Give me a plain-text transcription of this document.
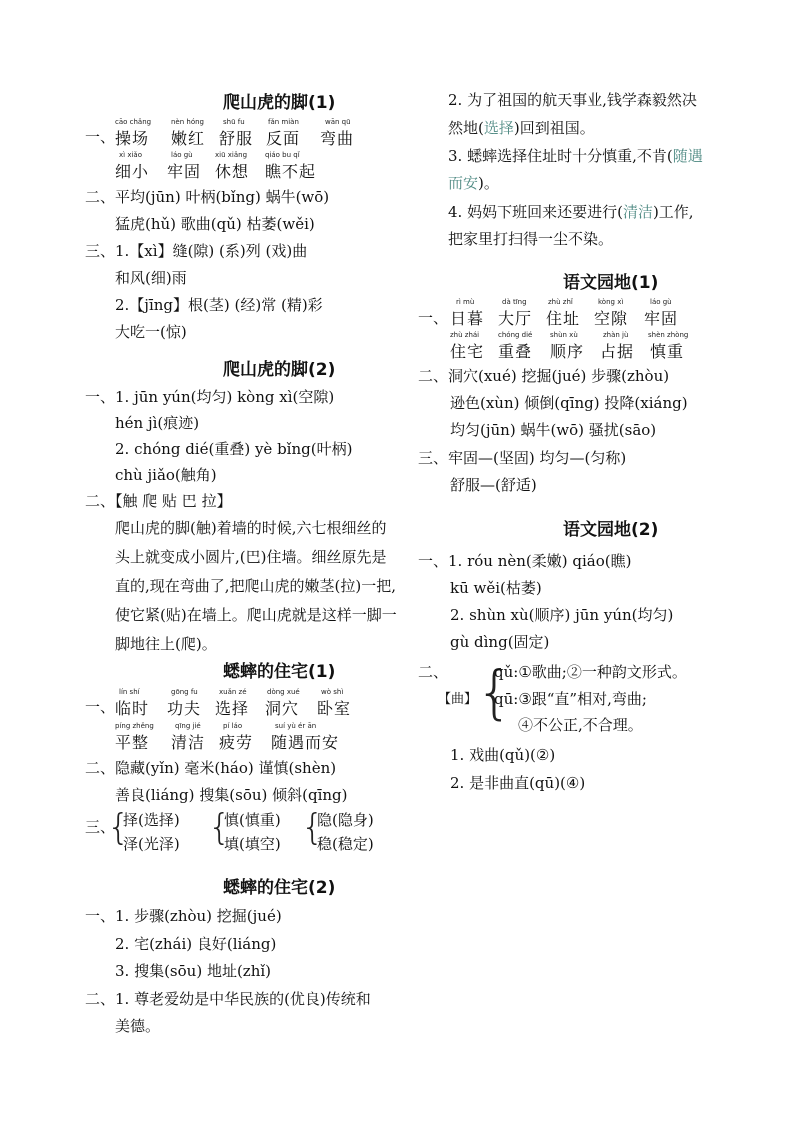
爬山虎的脚(1)
一、
cāo chǎng
操场
nèn hóng
嫩红
shū fu
舒服
fǎn miàn
反面
wān qū
弯曲
xì xiǎo
细小
láo gù
牢固
xiū xiǎng
休想
qiáo bu qǐ
瞧不起
二、平均(jūn) 叶柄(bǐng) 蜗牛(wō)
猛虎(hǔ) 歌曲(qǔ) 枯萎(wěi)
三、1.【xì】缝(隙) (系)列 (戏)曲
和风(细)雨
2.【jīng】根(茎) (经)常 (精)彩
大吃一(惊)
爬山虎的脚(2)
一、1. jūn yún(均匀) kòng xì(空隙)
hén jì(痕迹)
2. chóng dié(重叠) yè bǐng(叶柄)
chù jiǎo(触角)
二、【触 爬 贴 巴 拉】
爬山虎的脚(触)着墙的时候,六七根细丝的头上就变成小圆片,(巴)住墙。细丝原先是直的,现在弯曲了,把爬山虎的嫩茎(拉)一把,使它紧(贴)在墙上。爬山虎就是这样一脚一脚地往上(爬)。
蟋蟀的住宅(1)
一、
lín shí
临时
gōng fu
功夫
xuǎn zé
选择
dòng xué
洞穴
wò shì
卧室
píng zhěng
平整
qīng jié
清洁
pí láo
疲劳
suí yù ér ān
随遇而安
二、隐藏(yǐn) 毫米(háo) 谨慎(shèn)
善良(liáng) 搜集(sōu) 倾斜(qīng)
三、
{
择(选择)
泽(光泽) {
慎(慎重)
填(填空) {
隐(隐身)
稳(稳定)
蟋蟀的住宅(2)
一、1. 步骤(zhòu) 挖掘(jué)
2. 宅(zhái) 良好(liáng)
3. 搜集(sōu) 地址(zhǐ)
二、1. 尊老爱幼是中华民族的(优良)传统和
美德。
2. 为了祖国的航天事业,钱学森毅然决
然地(选择)回到祖国。
3. 蟋蟀选择住址时十分慎重,不肯(随遇
而安)。
4. 妈妈下班回来还要进行(清洁)工作,
把家里打扫得一尘不染。
语文园地(1)
一、
rì mù
日暮
dà tīng
大厅
zhù zhǐ
住址
kòng xì
空隙
láo gù
牢固
zhù zhái
住宅
chóng dié
重叠
shùn xù
顺序
zhàn jù
占据
shèn zhòng
慎重
二、洞穴(xué) 挖掘(jué) 步骤(zhòu)
逊色(xùn) 倾倒(qīng) 投降(xiáng)
均匀(jūn) 蜗牛(wō) 骚扰(sāo)
三、牢固—(坚固) 均匀—(匀称)
舒服—(舒适)
语文园地(2)
一、1. róu nèn(柔嫩) qiáo(瞧)
kū wěi(枯萎)
2. shùn xù(顺序) jūn yún(均匀)
gù dìng(固定)
二、
【曲】
{
qǔ:①歌曲;②一种韵文形式。
qū:③跟“直”相对,弯曲;
④不公正,不合理。
1. 戏曲(qǔ)(②)
2. 是非曲直(qū)(④)
